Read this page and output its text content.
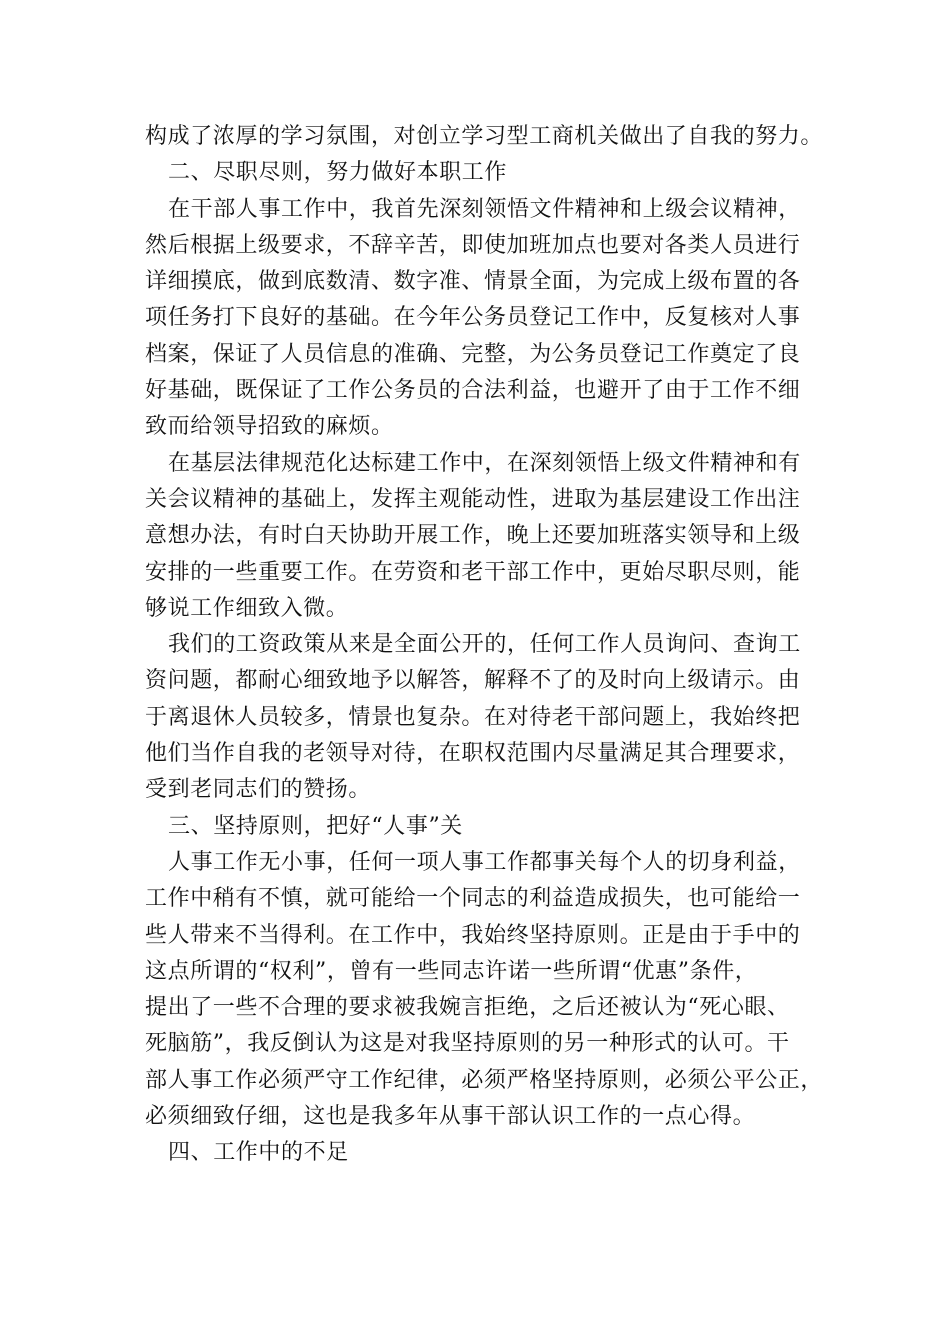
构成了浓厚的学习氛围，对创立学习型工商机关做出了自我的努力。
二、尽职尽则，努力做好本职工作
在干部人事工作中，我首先深刻领悟文件精神和上级会议精神，
然后根据上级要求，不辞辛苦，即使加班加点也要对各类人员进行
详细摸底，做到底数清、数字准、情景全面，为完成上级布置的各
项任务打下良好的基础。在今年公务员登记工作中，反复核对人事
档案，保证了人员信息的准确、完整，为公务员登记工作奠定了良
好基础，既保证了工作公务员的合法利益，也避开了由于工作不细
致而给领导招致的麻烦。
在基层法律规范化达标建工作中，在深刻领悟上级文件精神和有
关会议精神的基础上，发挥主观能动性，进取为基层建设工作出注
意想办法，有时白天协助开展工作，晚上还要加班落实领导和上级
安排的一些重要工作。在劳资和老干部工作中，更始尽职尽则，能
够说工作细致入微。
我们的工资政策从来是全面公开的，任何工作人员询问、查询工
资问题，都耐心细致地予以解答，解释不了的及时向上级请示。由
于离退休人员较多，情景也复杂。在对待老干部问题上，我始终把
他们当作自我的老领导对待，在职权范围内尽量满足其合理要求，
受到老同志们的赞扬。
三、坚持原则，把好“人事”关
人事工作无小事，任何一项人事工作都事关每个人的切身利益，
工作中稍有不慎，就可能给一个同志的利益造成损失，也可能给一
些人带来不当得利。在工作中，我始终坚持原则。正是由于手中的
这点所谓的“权利”，曾有一些同志许诺一些所谓“优惠”条件，
提出了一些不合理的要求被我婉言拒绝，之后还被认为“死心眼、
死脑筋”，我反倒认为这是对我坚持原则的另一种形式的认可。干
部人事工作必须严守工作纪律，必须严格坚持原则，必须公平公正，
必须细致仔细，这也是我多年从事干部认识工作的一点心得。
四、工作中的不足
